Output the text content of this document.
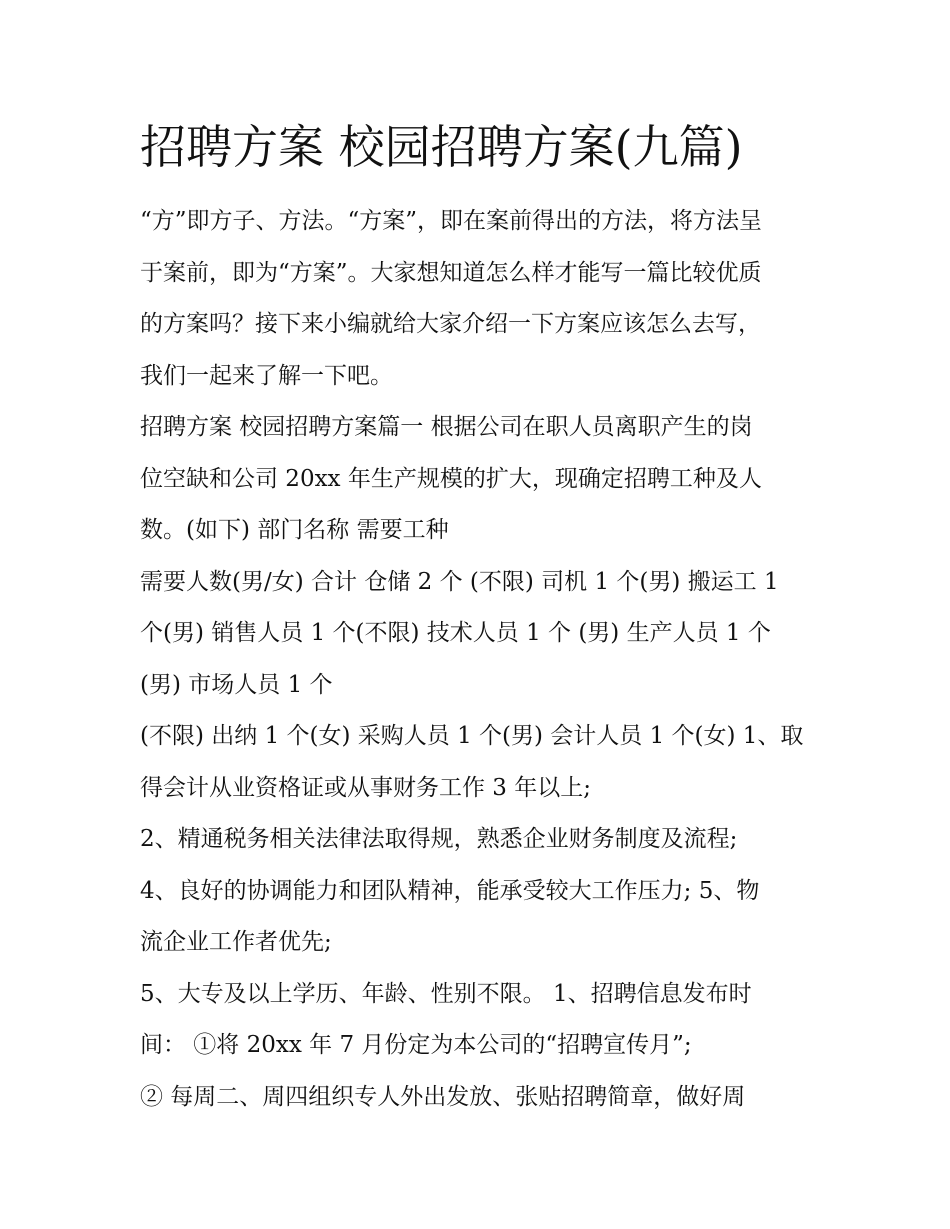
招聘方案 校园招聘方案(九篇)

“方”即方子、方法。“方案”，即在案前得出的方法，将方法呈

于案前，即为“方案”。大家想知道怎么样才能写一篇比较优质

的方案吗？接下来小编就给大家介绍一下方案应该怎么去写，

我们一起来了解一下吧。

招聘方案 校园招聘方案篇一 根据公司在职人员离职产生的岗

位空缺和公司 20xx 年生产规模的扩大，现确定招聘工种及人

数。(如下) 部门名称 需要工种

需要人数(男/女) 合计 仓储 2 个 (不限) 司机 1 个(男) 搬运工 1

个(男) 销售人员 1 个(不限) 技术人员 1 个 (男) 生产人员 1 个

(男) 市场人员 1 个

(不限) 出纳 1 个(女) 采购人员 1 个(男) 会计人员 1 个(女) 1、取

得会计从业资格证或从事财务工作 3 年以上;

2、精通税务相关法律法取得规，熟悉企业财务制度及流程;

4、良好的协调能力和团队精神，能承受较大工作压力; 5、物

流企业工作者优先;

5、大专及以上学历、年龄、性别不限。 1、招聘信息发布时

间： ①将 20xx 年 7 月份定为本公司的“招聘宣传月”;

② 每周二、周四组织专人外出发放、张贴招聘简章，做好周
